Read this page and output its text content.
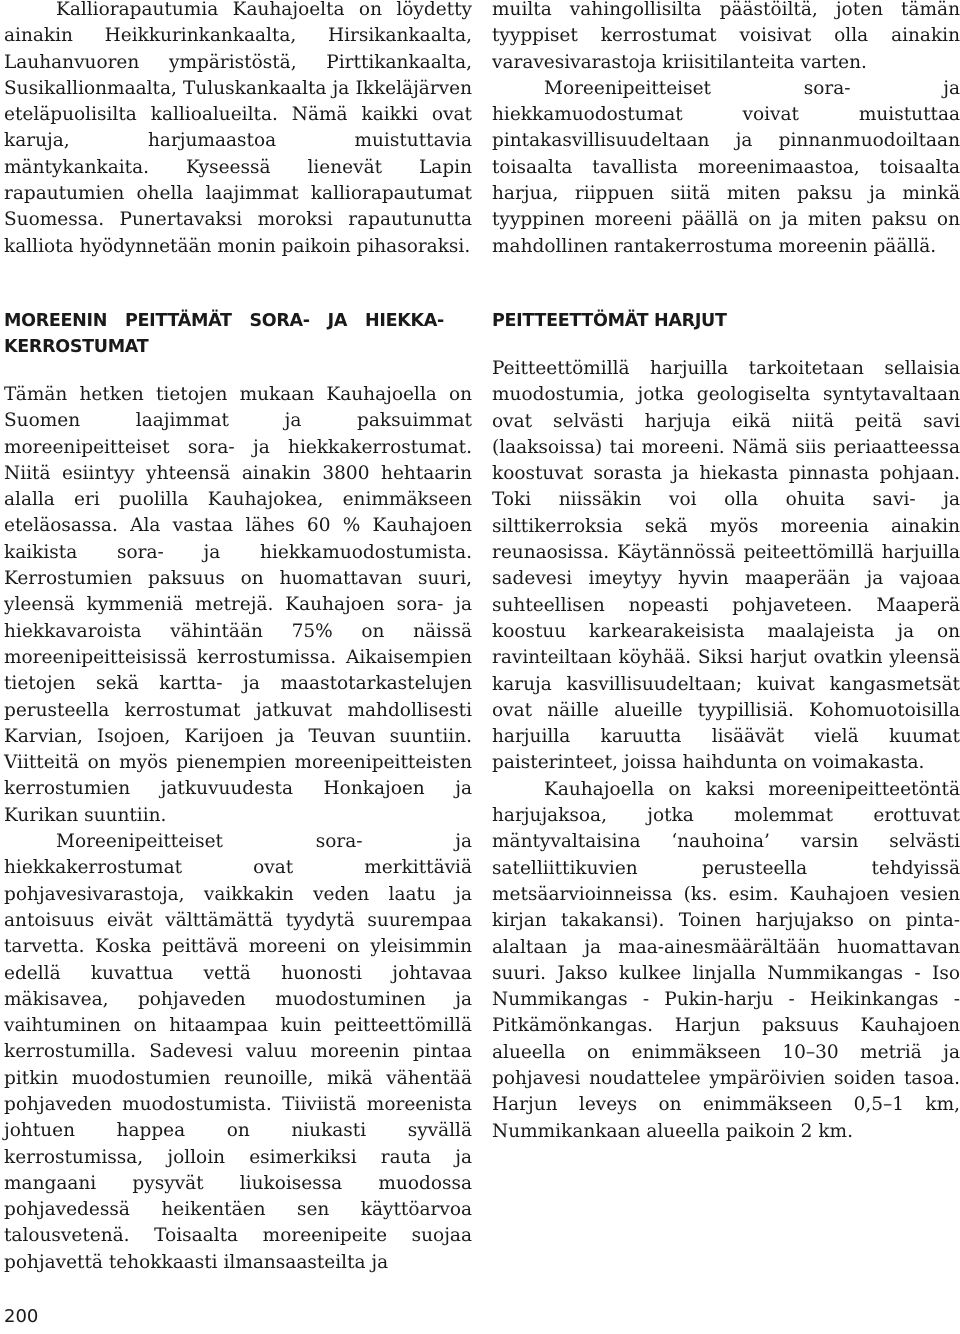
Kalliorapautumia Kauhajoelta on löydetty ainakin Heikkurinkankaalta, Hirsikankaalta, Lauhanvuoren ympäristöstä, Pirttikankaalta, Susikallionmaalta, Tuluskankaalta ja Ikkeläjärven eteläpuolisilta kallioalueilta. Nämä kaikki ovat karuja, harjumaastoa muistuttavia mäntykankaita. Kyseessä lienevät Lapin rapautumien ohella laajimmat kalliorapautumat Suomessa. Punertavaksi moroksi rapautunutta kalliota hyödynnetään monin paikoin pihasoraksi.

MOREENIN PEITTÄMÄT SORA- JA HIEKKA-KERROSTUMAT

Tämän hetken tietojen mukaan Kauhajoella on Suomen laajimmat ja paksuimmat moreenipeitteiset sora- ja hiekkakerrostumat. Niitä esiintyy yhteensä ainakin 3800 hehtaarin alalla eri puolilla Kauhajokea, enimmäkseen eteläosassa. Ala vastaa lähes 60 % Kauhajoen kaikista sora- ja hiekkamuodostumista. Kerrostumien paksuus on huomattavan suuri, yleensä kymmeniä metrejä. Kauhajoen sora- ja hiekkavaroista vähintään 75% on näissä moreenipeitteisissä kerrostumissa. Aikaisempien tietojen sekä kartta- ja maastotarkastelujen perusteella kerrostumat jatkuvat mahdollisesti Karvian, Isojoen, Karijoen ja Teuvan suuntiin. Viitteitä on myös pienempien moreenipeitteisten kerrostumien jatkuvuudesta Honkajoen ja Kurikan suuntiin.

Moreenipeitteiset sora- ja hiekkakerrostumat ovat merkittäviä pohjavesivarastoja, vaikkakin veden laatu ja antoisuus eivät välttämättä tyydytä suurempaa tarvetta. Koska peittävä moreeni on yleisimmin edellä kuvattua vettä huonosti johtavaa mäkisavea, pohjaveden muodostuminen ja vaihtuminen on hitaampaa kuin peitteettömillä kerrostumilla. Sadevesi valuu moreenin pintaa pitkin muodostumien reunoille, mikä vähentää pohjaveden muodostumista. Tiiviistä moreenista johtuen happea on niukasti syvällä kerrostumissa, jolloin esimerkiksi rauta ja mangaani pysyvät liukoisessa muodossa pohjavedessä heikentäen sen käyttöarvoa talousvetenä. Toisaalta moreenipeite suojaa pohjavettä tehokkaasti ilmansaasteilta ja

muilta vahingollisilta päästöiltä, joten tämän tyyppiset kerrostumat voisivat olla ainakin varavesivarastoja kriisitilanteita varten.

Moreenipeitteiset sora- ja hiekkamuodostumat voivat muistuttaa pintakasvillisuudeltaan ja pinnanmuodoiltaan toisaalta tavallista moreenimaastoa, toisaalta harjua, riippuen siitä miten paksu ja minkä tyyppinen moreeni päällä on ja miten paksu on mahdollinen rantakerrostuma moreenin päällä.

PEITTEETTÖMÄT HARJUT

Peitteettömillä harjuilla tarkoitetaan sellaisia muodostumia, jotka geologiselta syntytavaltaan ovat selvästi harjuja eikä niitä peitä savi (laaksoissa) tai moreeni. Nämä siis periaatteessa koostuvat sorasta ja hiekasta pinnasta pohjaan. Toki niissäkin voi olla ohuita savi- ja silttikerroksia sekä myös moreenia ainakin reunaosissa. Käytännössä peiteettömillä harjuilla sadevesi imeytyy hyvin maaperään ja vajoaa suhteellisen nopeasti pohjaveteen. Maaperä koostuu karkearakeisista maalajeista ja on ravinteiltaan köyhää. Siksi harjut ovatkin yleensä karuja kasvillisuudeltaan; kuivat kangasmetsät ovat näille alueille tyypillisiä. Kohomuotoisilla harjuilla karuutta lisäävät vielä kuumat paisterinteet, joissa haihdunta on voimakasta.

Kauhajoella on kaksi moreenipeitteetöntä harjujaksoa, jotka molemmat erottuvat mäntyvaltaisina ‘nauhoina’ varsin selvästi satelliittikuvien perusteella tehdyissä metsäarvioinneissa (ks. esim. Kauhajoen vesien kirjan takakansi). Toinen harjujakso on pinta-alaltaan ja maa-ainesmäärältään huomattavan suuri. Jakso kulkee linjalla Nummikangas - Iso Nummikangas - Pukin-harju - Heikinkangas - Pitkämönkangas. Harjun paksuus Kauhajoen alueella on enimmäkseen 10–30 metriä ja pohjavesi noudattelee ympäröivien soiden tasoa. Harjun leveys on enimmäkseen 0,5–1 km, Nummikankaan alueella paikoin 2 km.

200
